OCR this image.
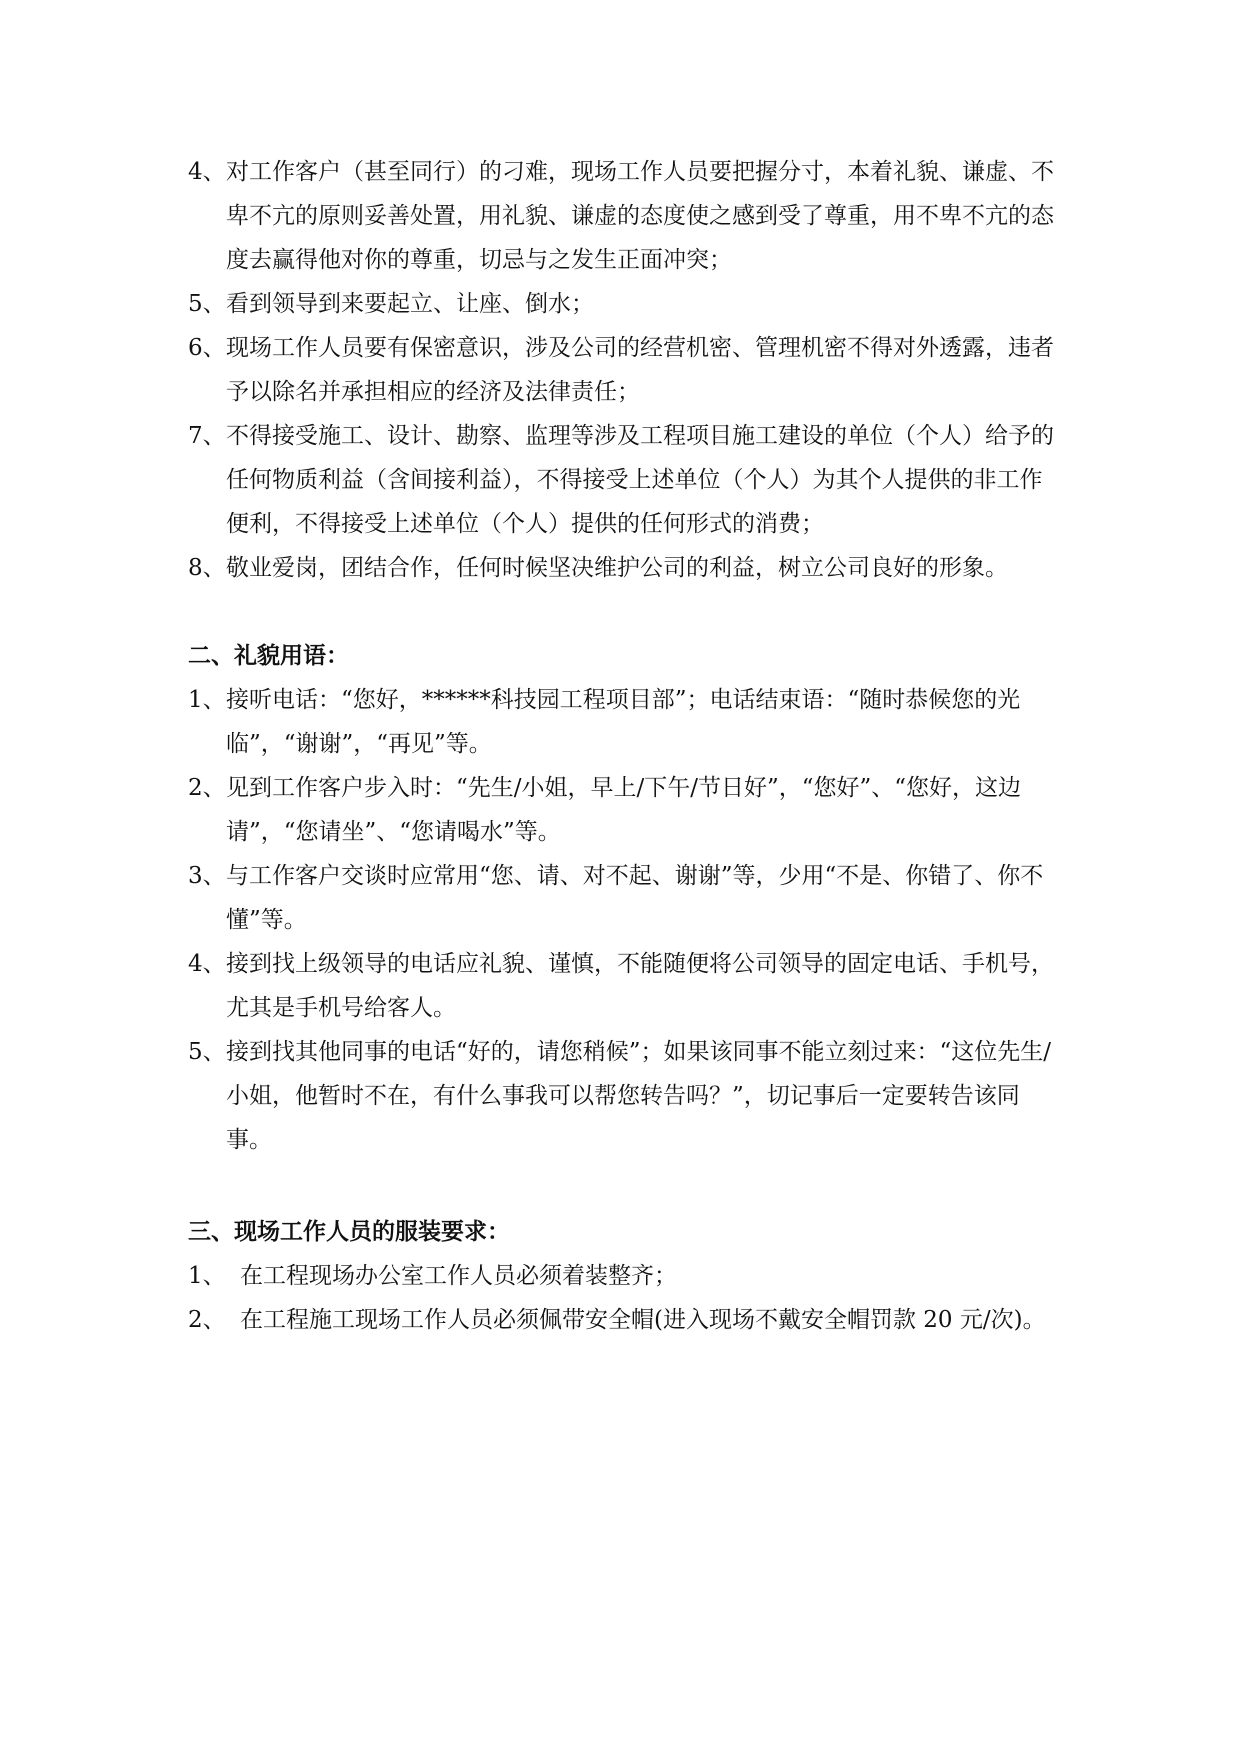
4、 对工作客户（甚至同行）的刁难，现场工作人员要把握分寸，本着礼貌、谦虚、不卑不亢的原则妥善处置，用礼貌、谦虚的态度使之感到受了尊重，用不卑不亢的态度去赢得他对你的尊重，切忌与之发生正面冲突；

5、 看到领导到来要起立、让座、倒水；

6、 现场工作人员要有保密意识，涉及公司的经营机密、管理机密不得对外透露，违者予以除名并承担相应的经济及法律责任；

7、 不得接受施工、设计、勘察、监理等涉及工程项目施工建设的单位（个人）给予的任何物质利益（含间接利益），不得接受上述单位（个人）为其个人提供的非工作便利，不得接受上述单位（个人）提供的任何形式的消费；

8、 敬业爱岗，团结合作，任何时候坚决维护公司的利益，树立公司良好的形象。

二、礼貌用语：

1、 接听电话：“您好，******科技园工程项目部”；电话结束语：“随时恭候您的光临”，“谢谢”，“再见”等。

2、 见到工作客户步入时：“先生/小姐，早上/下午/节日好”，“您好”、“您好，这边请”，“您请坐”、“您请喝水”等。

3、 与工作客户交谈时应常用“您、请、对不起、谢谢”等，少用“不是、你错了、你不懂”等。

4、 接到找上级领导的电话应礼貌、谨慎，不能随便将公司领导的固定电话、手机号，尤其是手机号给客人。

5、 接到找其他同事的电话“好的，请您稍候”；如果该同事不能立刻过来：“这位先生/小姐，他暂时不在，有什么事我可以帮您转告吗？”，切记事后一定要转告该同事。

三、现场工作人员的服装要求：

1、 在工程现场办公室工作人员必须着装整齐；

2、 在工程施工现场工作人员必须佩带安全帽(进入现场不戴安全帽罚款 20 元/次)。
